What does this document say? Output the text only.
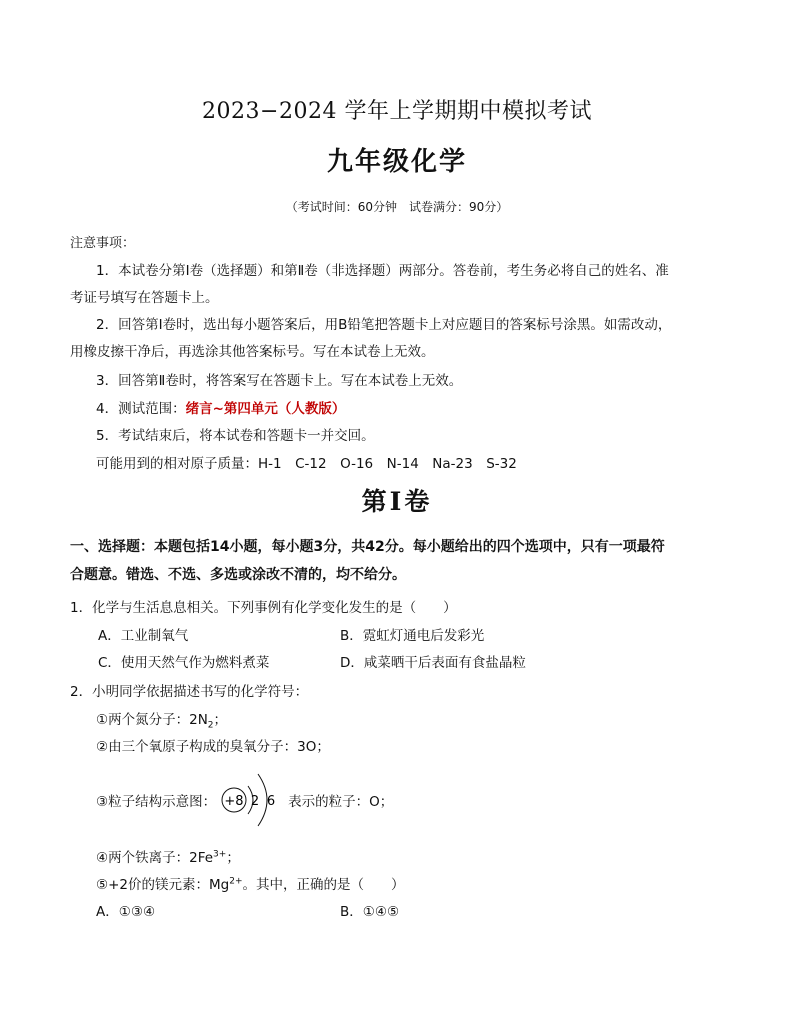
2023−2024 学年上学期期中模拟考试
九年级化学
（考试时间：60分钟　试卷满分：90分）
注意事项：
1．本试卷分第Ⅰ卷（选择题）和第Ⅱ卷（非选择题）两部分。答卷前，考生务必将自己的姓名、准
考证号填写在答题卡上。
2．回答第Ⅰ卷时，选出每小题答案后，用B铅笔把答题卡上对应题目的答案标号涂黑。如需改动，
用橡皮擦干净后，再选涂其他答案标号。写在本试卷上无效。
3．回答第Ⅱ卷时，将答案写在答题卡上。写在本试卷上无效。
4．测试范围：绪言~第四单元（人教版）
5．考试结束后，将本试卷和答题卡一并交回。
可能用到的相对原子质量：H-1　C-12　O-16　N-14　Na-23　S-32
第Ⅰ卷
一、选择题：本题包括14小题，每小题3分，共42分。每小题给出的四个选项中，只有一项最符
合题意。错选、不选、多选或涂改不清的，均不给分。
1．化学与生活息息相关。下列事例有化学变化发生的是（　　）
A．工业制氧气	B．霓虹灯通电后发彩光
C．使用天然气作为燃料煮菜	D．咸菜晒干后表面有食盐晶粒
2．小明同学依据描述书写的化学符号：
①两个氮分子：$2N_2$；
②由三个氧原子构成的臭氧分子：3O；
③粒子结构示意图： +8 2 6 表示的粒子：O；
④两个铁离子：$2Fe^{3+}$；
⑤+2价的镁元素：$Mg^{2+}$。其中，正确的是（　　）
A．①③④	B．①④⑤
